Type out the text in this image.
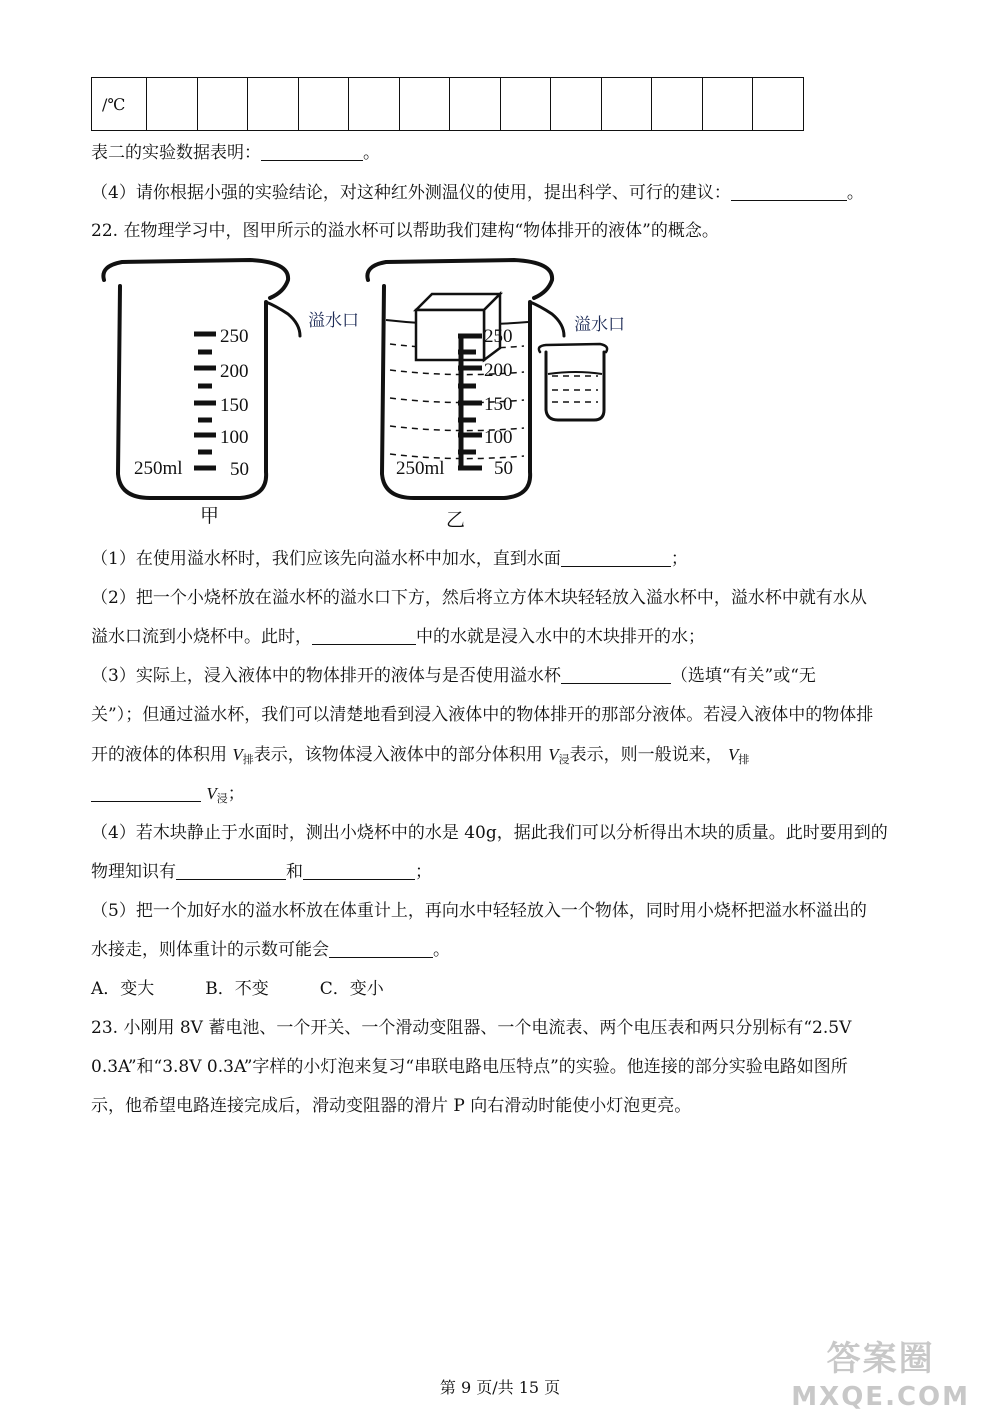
/℃													
表二的实验数据表明：	。
（4）请你根据小强的实验结论，对这种红外测温仪的使用，提出科学、可行的建议：	。
22. 在物理学习中，图甲所示的溢水杯可以帮助我们建构“物体排开的液体”的概念。
250
200
150
100
50
250ml
250
200
150
100
50
250ml
溢水口	溢水口
甲	乙
（1）在使用溢水杯时，我们应该先向溢水杯中加水，直到水面	；
（2）把一个小烧杯放在溢水杯的溢水口下方，然后将立方体木块轻轻放入溢水杯中，溢水杯中就有水从
溢水口流到小烧杯中。此时，	中的水就是浸入水中的木块排开的水；
（3）实际上，浸入液体中的物体排开的液体与是否使用溢水杯	（选填“有关”或“无
关”）；但通过溢水杯，我们可以清楚地看到浸入液体中的物体排开的那部分液体。若浸入液体中的物体排
开的液体的体积用 $V_排$表示，该物体浸入液体中的部分体积用 $V_浸$表示，则一般说来， $V_排$
$V_浸$；
（4）若木块静止于水面时，测出小烧杯中的水是 40g，据此我们可以分析得出木块的质量。此时要用到的
物理知识有	和	；
（5）把一个加好水的溢水杯放在体重计上，再向水中轻轻放入一个物体，同时用小烧杯把溢水杯溢出的
水接走，则体重计的示数可能会	。
A．变大　　　B．不变　　　C．变小
23. 小刚用 8V 蓄电池、一个开关、一个滑动变阻器、一个电流表、两个电压表和两只分别标有“2.5V
0.3A”和“3.8V 0.3A”字样的小灯泡来复习“串联电路电压特点”的实验。他连接的部分实验电路如图所
示，他希望电路连接完成后，滑动变阻器的滑片 P 向右滑动时能使小灯泡更亮。
第 9 页/共 15 页
答案圈
MXQE.COM
